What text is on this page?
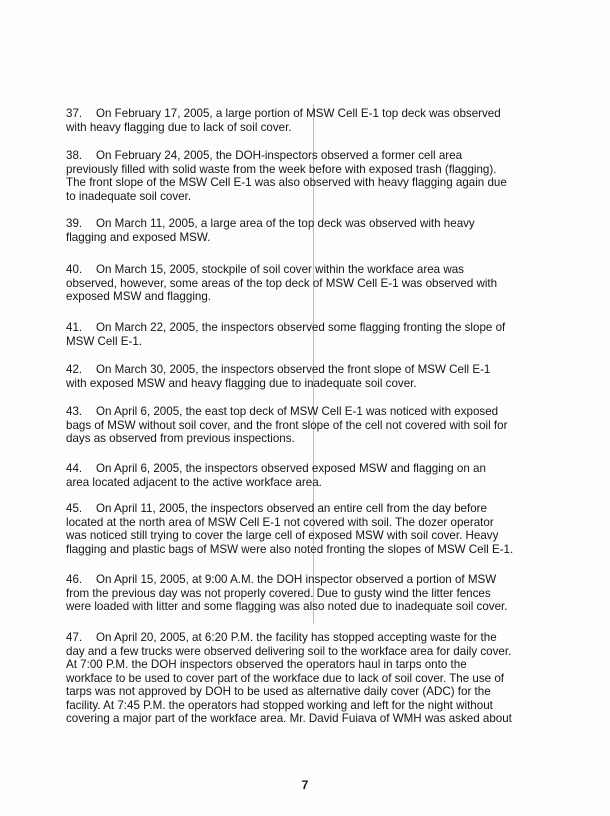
37. On February 17, 2005, a large portion of MSW Cell E-1 top deck was observed
with heavy flagging due to lack of soil cover.
38. On February 24, 2005, the DOH-inspectors observed a former cell area
previously filled with solid waste from the week before with exposed trash (flagging).
The front slope of the MSW Cell E-1 was also observed with heavy flagging again due
to inadequate soil cover.
39. On March 11, 2005, a large area of the top deck was observed with heavy
flagging and exposed MSW.
40. On March 15, 2005, stockpile of soil cover within the workface area was
observed, however, some areas of the top deck of MSW Cell E-1 was observed with
exposed MSW and flagging.
41. On March 22, 2005, the inspectors observed some flagging fronting the slope of
MSW Cell E-1.
42. On March 30, 2005, the inspectors observed the front slope of MSW Cell E-1
with exposed MSW and heavy flagging due to inadequate soil cover.
43. On April 6, 2005, the east top deck of MSW Cell E-1 was noticed with exposed
bags of MSW without soil cover, and the front slope of the cell not covered with soil for
days as observed from previous inspections.
44. On April 6, 2005, the inspectors observed exposed MSW and flagging on an
area located adjacent to the active workface area.
45. On April 11, 2005, the inspectors observed an entire cell from the day before
located at the north area of MSW Cell E-1 not covered with soil. The dozer operator
was noticed still trying to cover the large cell of exposed MSW with soil cover. Heavy
flagging and plastic bags of MSW were also noted fronting the slopes of MSW Cell E-1.
46. On April 15, 2005, at 9:00 A.M. the DOH inspector observed a portion of MSW
from the previous day was not properly covered. Due to gusty wind the litter fences
were loaded with litter and some flagging was also noted due to inadequate soil cover.
47. On April 20, 2005, at 6:20 P.M. the facility has stopped accepting waste for the
day and a few trucks were observed delivering soil to the workface area for daily cover.
At 7:00 P.M. the DOH inspectors observed the operators haul in tarps onto the
workface to be used to cover part of the workface due to lack of soil cover. The use of
tarps was not approved by DOH to be used as alternative daily cover (ADC) for the
facility. At 7:45 P.M. the operators had stopped working and left for the night without
covering a major part of the workface area. Mr. David Fuiava of WMH was asked about
7
